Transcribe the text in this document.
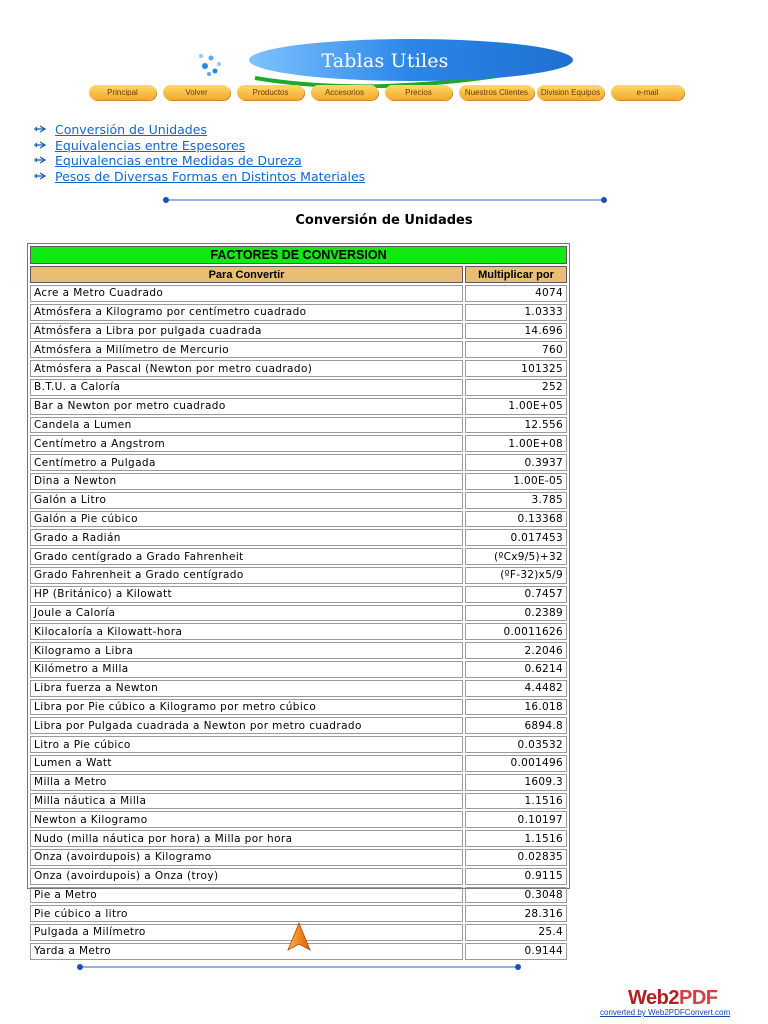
Tablas Utiles
Principal	Volver	Productos	Accesorios	Precios	Nuestros Clientes	Division Equipos	e-mail
Conversión de Unidades
Equivalencias entre Espesores
Equivalencias entre Medidas de Dureza
Pesos de Diversas Formas en Distintos Materiales
Conversión de Unidades
FACTORES DE CONVERSION	
Para Convertir	Multiplicar por
Acre a Metro Cuadrado	4074
Atmósfera a Kilogramo por centímetro cuadrado	1.0333
Atmósfera a Libra por pulgada cuadrada	14.696
Atmósfera a Milímetro de Mercurio	760
Atmósfera a Pascal (Newton por metro cuadrado)	101325
B.T.U. a Caloría	252
Bar a Newton por metro cuadrado	1.00E+05
Candela a Lumen	12.556
Centímetro a Angstrom	1.00E+08
Centímetro a Pulgada	0.3937
Dina a Newton	1.00E-05
Galón a Litro	3.785
Galón a Pie cúbico	0.13368
Grado a Radián	0.017453
Grado centígrado a Grado Fahrenheit	(ºCx9/5)+32
Grado Fahrenheit a Grado centígrado	(ºF-32)x5/9
HP (Británico) a Kilowatt	0.7457
Joule a Caloría	0.2389
Kilocaloría a Kilowatt-hora	0.0011626
Kilogramo a Libra	2.2046
Kilómetro a Milla	0.6214
Libra fuerza a Newton	4.4482
Libra por Pie cúbico a Kilogramo por metro cúbico	16.018
Libra por Pulgada cuadrada a Newton por metro cuadrado	6894.8
Litro a Pie cúbico	0.03532
Lumen a Watt	0.001496
Milla a Metro	1609.3
Milla náutica a Milla	1.1516
Newton a Kilogramo	0.10197
Nudo (milla náutica por hora) a Milla por hora	1.1516
Onza (avoirdupois) a Kilogramo	0.02835
Onza (avoirdupois) a Onza (troy)	0.9115
Pie a Metro	0.3048
Pie cúbico a litro	28.316
Pulgada a Milímetro	25.4
Yarda a Metro	0.9144
Web2PDF
converted by Web2PDFConvert.com
